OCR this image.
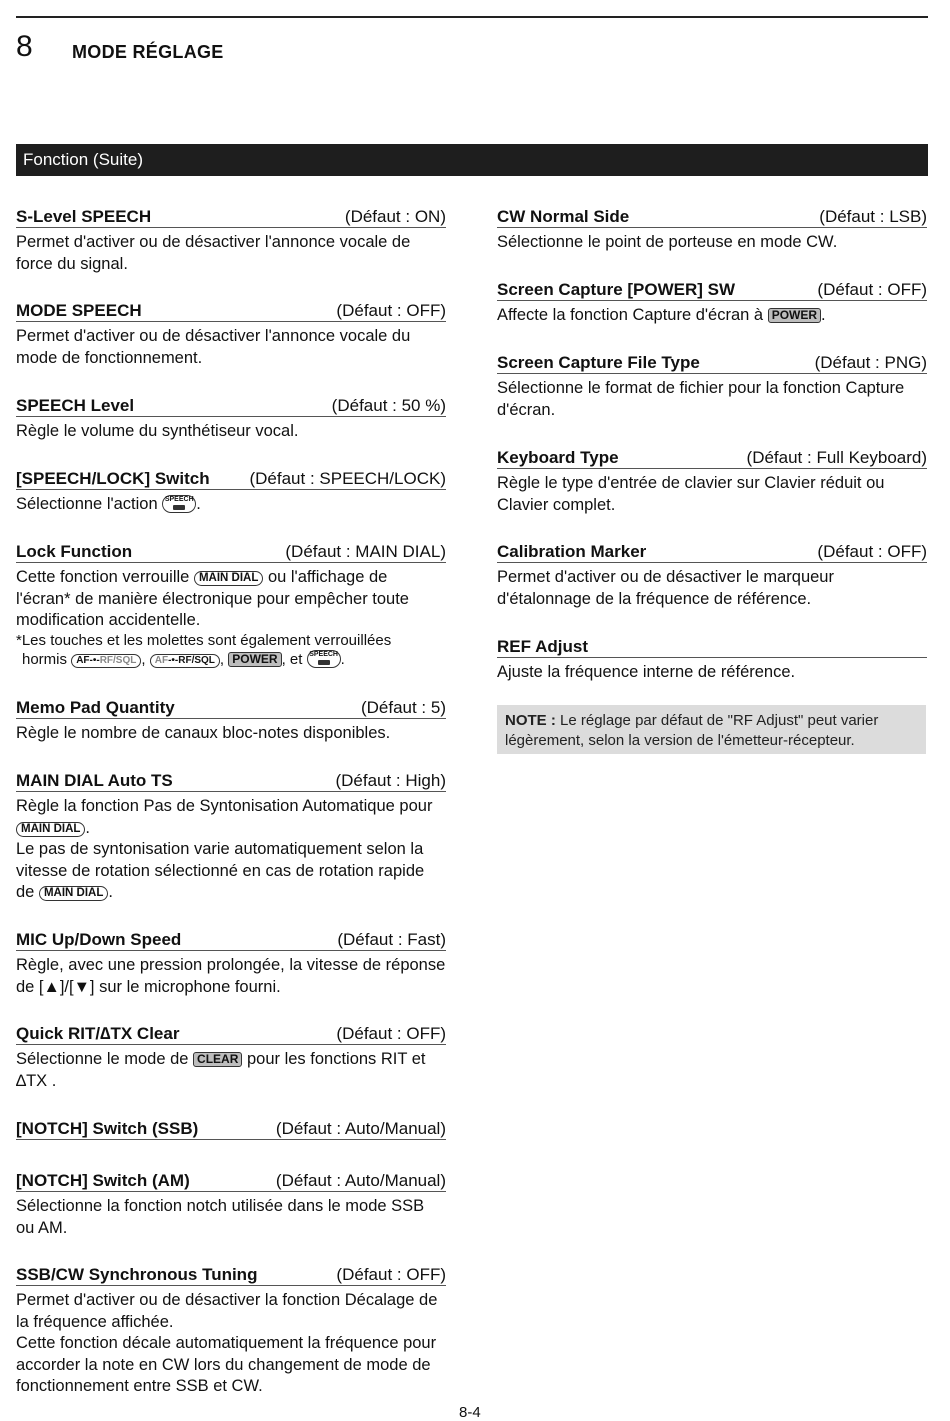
8 MODE RÉGLAGE
Fonction (Suite)
S-Level SPEECH	(Défaut : ON)
Permet d'activer ou de désactiver l'annonce vocale de force du signal.
MODE SPEECH	(Défaut : OFF)
Permet d'activer ou de désactiver l'annonce vocale du mode de fonctionnement.
SPEECH Level	(Défaut : 50 %)
Règle le volume du synthétiseur vocal.
[SPEECH/LOCK] Switch (Défaut : SPEECH/LOCK)
Sélectionne l'action SPEECH .
Lock Function	(Défaut : MAIN DIAL)
Cette fonction verrouille MAIN DIAL ou l'affichage de l'écran* de manière électronique pour empêcher toute modification accidentelle.
*Les touches et les molettes sont également verrouillées
hormis AF-•-RF/SQL , AF-•-RF/SQL , POWER , et SPEECH .
Memo Pad Quantity	(Défaut : 5)
Règle le nombre de canaux bloc-notes disponibles.
MAIN DIAL Auto TS	(Défaut : High)
Règle la fonction Pas de Syntonisation Automatique pour MAIN DIAL .
Le pas de syntonisation varie automatiquement selon la vitesse de rotation sélectionné en cas de rotation rapide de MAIN DIAL .
MIC Up/Down Speed	(Défaut : Fast)
Règle, avec une pression prolongée, la vitesse de réponse de [▲]/[▼] sur le microphone fourni.
Quick RIT/∆TX Clear	(Défaut : OFF)
Sélectionne le mode de CLEAR pour les fonctions RIT et ∆TX .
[NOTCH] Switch (SSB)	(Défaut : Auto/Manual)
[NOTCH] Switch (AM)	(Défaut : Auto/Manual)
Sélectionne la fonction notch utilisée dans le mode SSB ou AM.
SSB/CW Synchronous Tuning	(Défaut : OFF)
Permet d'activer ou de désactiver la fonction Décalage de la fréquence affichée.
Cette fonction décale automatiquement la fréquence pour accorder la note en CW lors du changement de mode de fonctionnement entre SSB et CW.
CW Normal Side	(Défaut : LSB)
Sélectionne le point de porteuse en mode CW.
Screen Capture [POWER] SW	(Défaut : OFF)
Affecte la fonction Capture d'écran à POWER .
Screen Capture File Type	(Défaut : PNG)
Sélectionne le format de fichier pour la fonction Capture d'écran.
Keyboard Type	(Défaut : Full Keyboard)
Règle le type d'entrée de clavier sur Clavier réduit ou Clavier complet.
Calibration Marker	(Défaut : OFF)
Permet d'activer ou de désactiver le marqueur d'étalonnage de la fréquence de référence.
REF Adjust
Ajuste la fréquence interne de référence.
NOTE : Le réglage par défaut de "RF Adjust" peut varier légèrement, selon la version de l'émetteur-récepteur.
8-4
